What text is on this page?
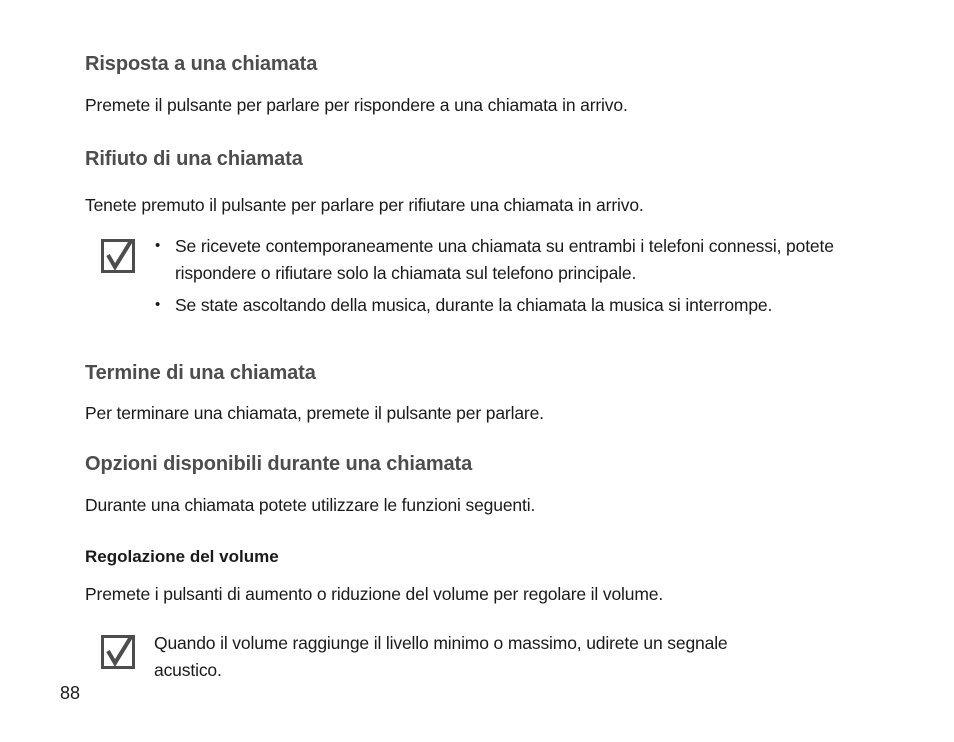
Risposta a una chiamata
Premete il pulsante per parlare per rispondere a una chiamata in arrivo.
Rifiuto di una chiamata
Tenete premuto il pulsante per parlare per rifiutare una chiamata in arrivo.
• Se ricevete contemporaneamente una chiamata su entrambi i telefoni connessi, potete rispondere o rifiutare solo la chiamata sul telefono principale.
• Se state ascoltando della musica, durante la chiamata la musica si interrompe.
Termine di una chiamata
Per terminare una chiamata, premete il pulsante per parlare.
Opzioni disponibili durante una chiamata
Durante una chiamata potete utilizzare le funzioni seguenti.
Regolazione del volume
Premete i pulsanti di aumento o riduzione del volume per regolare il volume.
Quando il volume raggiunge il livello minimo o massimo, udirete un segnale acustico.
88
